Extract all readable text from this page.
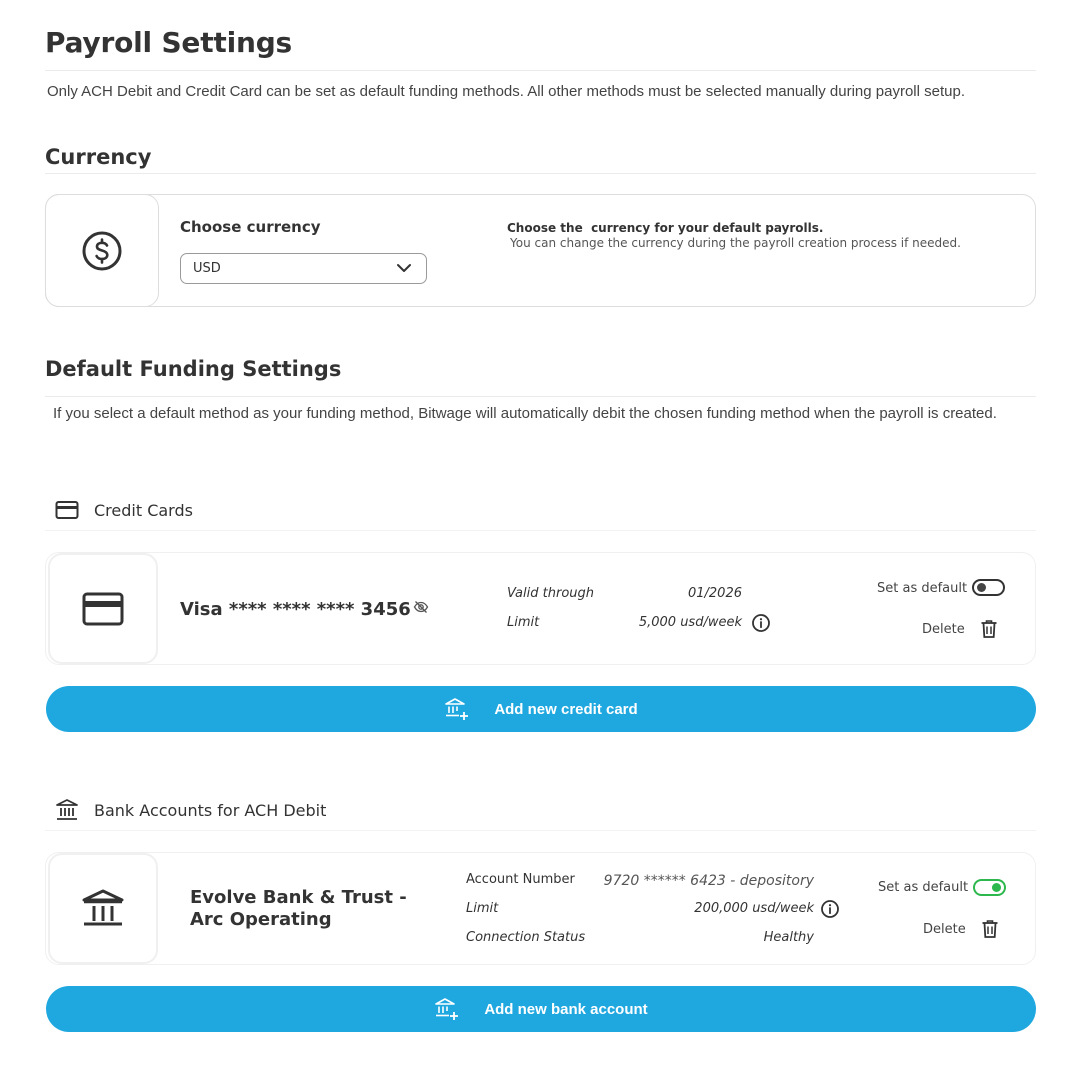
Payroll Settings
Only ACH Debit and Credit Card can be set as default funding methods. All other methods must be selected manually during payroll setup.
Currency
Choose currency
USD
Choose the  currency for your default payrolls.
You can change the currency during the payroll creation process if needed.
Default Funding Settings
If you select a default method as your funding method, Bitwage will automatically debit the chosen funding method when the payroll is created.
Credit Cards
Visa **** **** **** 3456
Valid through	01/2026
Limit	5,000 usd/week
Set as default
Delete
Add new credit card
Bank Accounts for ACH Debit
Evolve Bank & Trust - Arc Operating
Account Number	9720 ****** 6423 - depository
Limit	200,000 usd/week
Connection Status	Healthy
Set as default
Delete
Add new bank account
